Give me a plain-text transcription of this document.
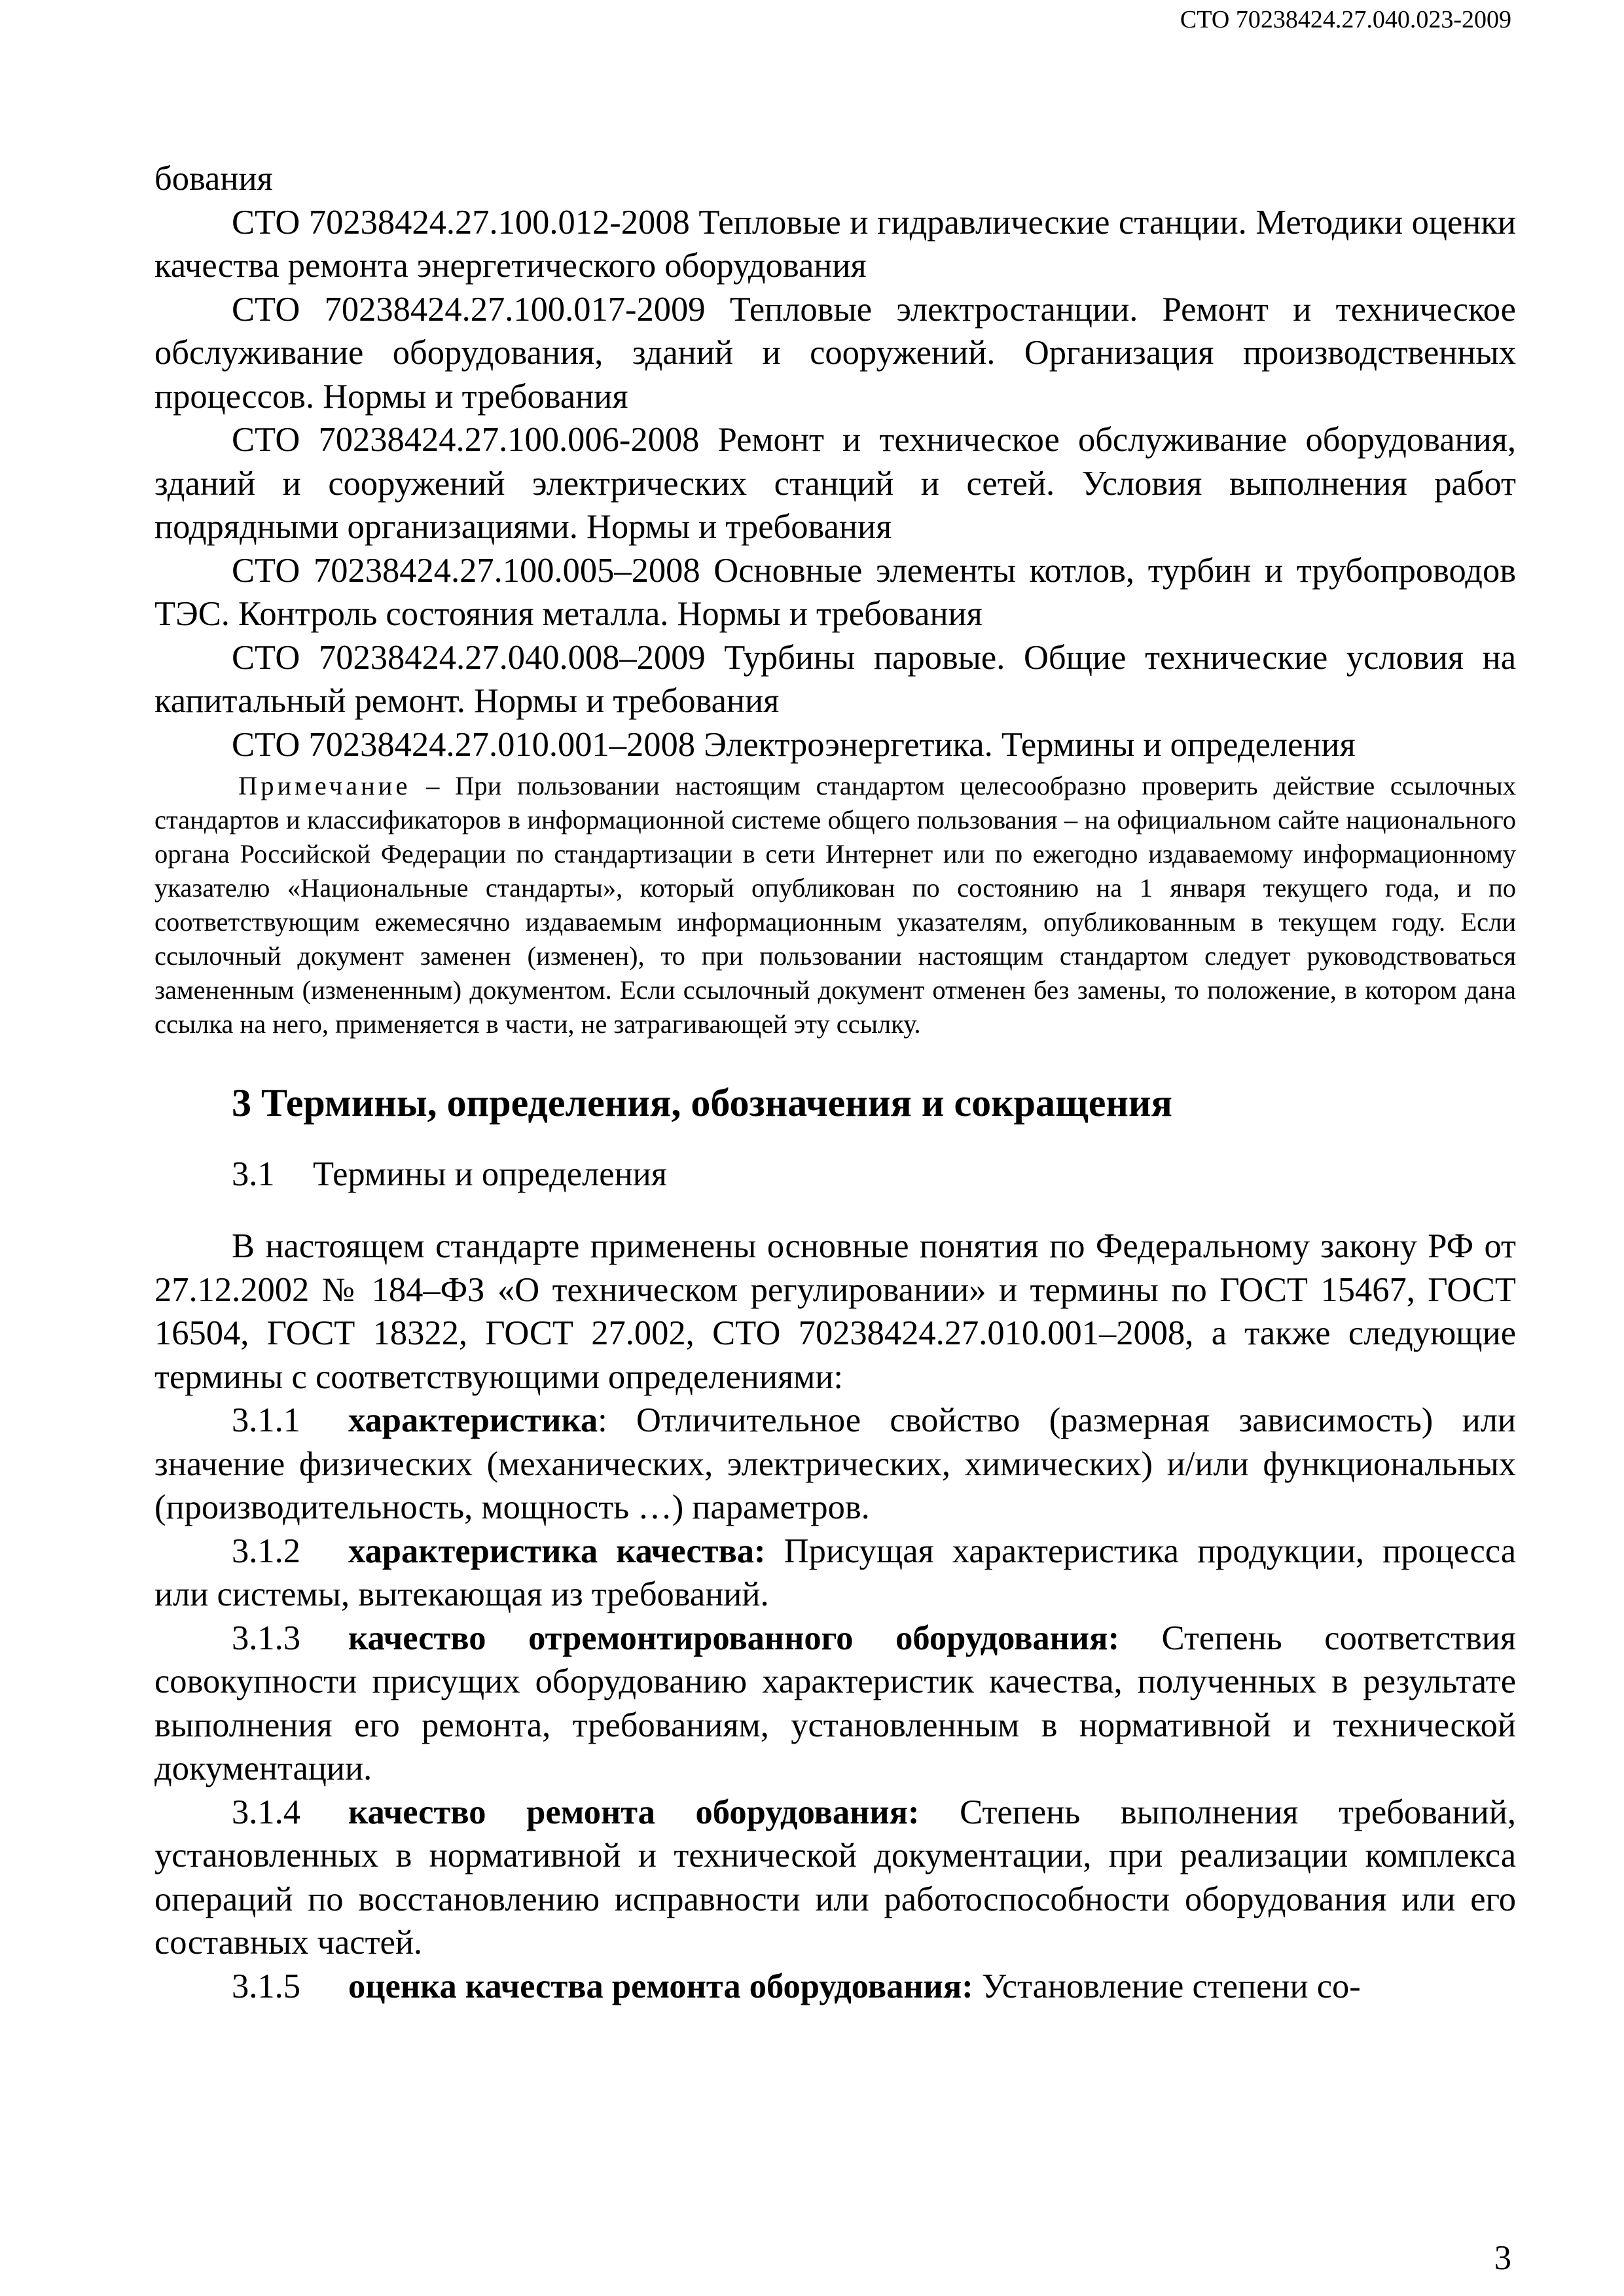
СТО 70238424.27.040.023-2009

бования

СТО 70238424.27.100.012-2008 Тепловые и гидравлические станции. Методики оценки качества ремонта энергетического оборудования

СТО 70238424.27.100.017-2009 Тепловые электростанции. Ремонт и техническое обслуживание оборудования, зданий и сооружений. Организация производственных процессов. Нормы и требования

СТО 70238424.27.100.006-2008 Ремонт и техническое обслуживание оборудования, зданий и сооружений электрических станций и сетей. Условия выполнения работ подрядными организациями. Нормы и требования

СТО 70238424.27.100.005–2008 Основные элементы котлов, турбин и трубопроводов ТЭС. Контроль состояния металла. Нормы и требования

СТО 70238424.27.040.008–2009 Турбины паровые. Общие технические условия на капитальный ремонт. Нормы и требования

СТО 70238424.27.010.001–2008 Электроэнергетика. Термины и определения

Примечание – При пользовании настоящим стандартом целесообразно проверить действие ссылочных стандартов и классификаторов в информационной системе общего пользования – на официальном сайте национального органа Российской Федерации по стандартизации в сети Интернет или по ежегодно издаваемому информационному указателю «Национальные стандарты», который опубликован по состоянию на 1 января текущего года, и по соответствующим ежемесячно издаваемым информационным указателям, опубликованным в текущем году. Если ссылочный документ заменен (изменен), то при пользовании настоящим стандартом следует руководствоваться замененным (измененным) документом. Если ссылочный документ отменен без замены, то положение, в котором дана ссылка на него, применяется в части, не затрагивающей эту ссылку.

3 Термины, определения, обозначения и сокращения
3.1 Термины и определения

В настоящем стандарте применены основные понятия по Федеральному закону РФ от 27.12.2002 № 184–ФЗ «О техническом регулировании» и термины по ГОСТ 15467, ГОСТ 16504, ГОСТ 18322, ГОСТ 27.002, СТО 70238424.27.010.001–2008, а также следующие термины с соответствующими определениями:

3.1.1 характеристика: Отличительное свойство (размерная зависимость) или значение физических (механических, электрических, химических) и/или функциональных (производительность, мощность …) параметров.

3.1.2 характеристика качества: Присущая характеристика продукции, процесса или системы, вытекающая из требований.

3.1.3 качество отремонтированного оборудования: Степень соответствия совокупности присущих оборудованию характеристик качества, полученных в результате выполнения его ремонта, требованиям, установленным в нормативной и технической документации.

3.1.4 качество ремонта оборудования: Степень выполнения требований, установленных в нормативной и технической документации, при реализации комплекса операций по восстановлению исправности или работоспособности оборудования или его составных частей.

3.1.5 оценка качества ремонта оборудования: Установление степени со-

3
